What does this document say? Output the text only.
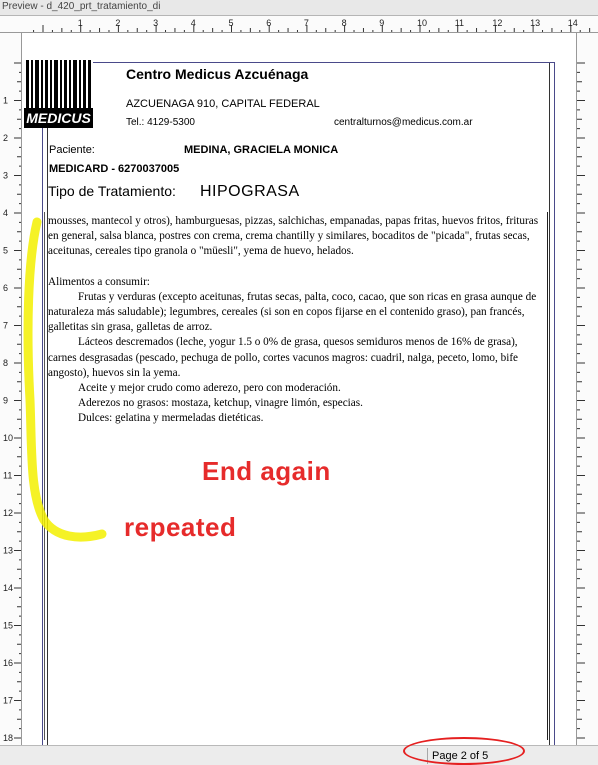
Preview - d_420_prt_tratamiento_di
1	2	3	4	5	6	7	8	9	10	11	12	13	14
1
2
3
4
5
6
7
8
9
10
11
12
13
14
15
16
17
18
MEDICUS
Centro Medicus Azcuénaga
AZCUENAGA 910, CAPITAL FEDERAL
Tel.: 4129-5300	centralturnos@medicus.com.ar
Paciente:	MEDINA, GRACIELA MONICA
MEDICARD - 6270037005
Tipo de Tratamiento: HIPOGRASA

mousses, mantecol y otros), hamburguesas, pizzas, salchichas, empanadas, papas fritas, huevos fritos, frituras en general, salsa blanca, postres con crema, crema chantilly y similares, bocaditos de "picada", frutas secas, aceitunas, cereales tipo granola o "müesli", yema de huevo, helados.

Alimentos a consumir:

Frutas y verduras (excepto aceitunas, frutas secas, palta, coco, cacao, que son ricas en grasa aunque de naturaleza más saludable); legumbres, cereales (si son en copos fijarse en el contenido graso), pan francés, galletitas sin grasa, galletas de arroz.

Lácteos descremados (leche, yogur 1.5 o 0% de grasa, quesos semiduros menos de 16% de grasa), carnes desgrasadas (pescado, pechuga de pollo, cortes vacunos magros: cuadril, nalga, peceto, lomo, bife angosto), huevos sin la yema.

Aceite y mejor crudo como aderezo, pero con moderación.

Aderezos no grasos: mostaza, ketchup, vinagre limón, especias.

Dulces: gelatina y mermeladas dietéticas.

End again
repeated
Page 2 of 5
